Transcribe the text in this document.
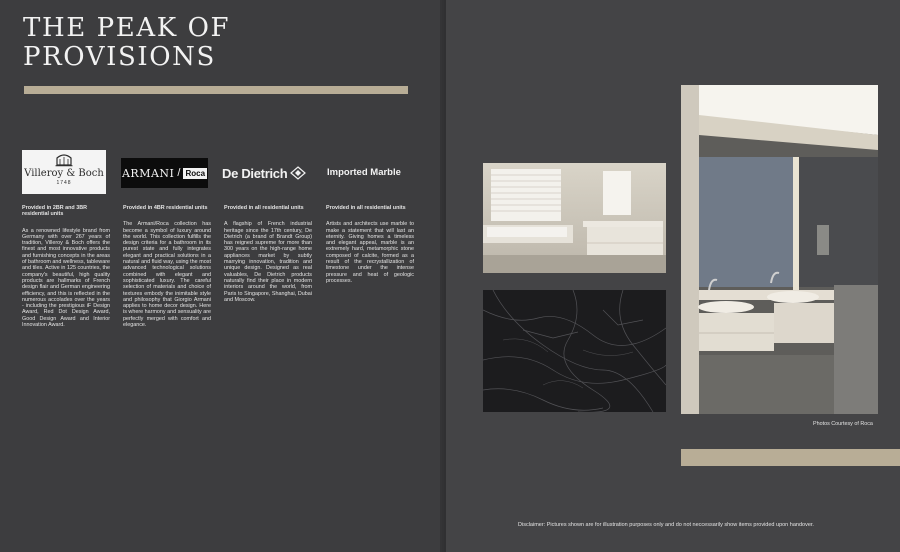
THE PEAK OF
PROVISIONS
Villeroy & Boch
1748
ARMANI / Roca De Dietrich	Imported Marble
Provided in 2BR and 3BR residential units

As a renowned lifestyle brand from Germany with over 267 years of tradition, Villeroy & Boch offers the finest and most innovative products and furnishing concepts in the areas of bathroom and wellness, tableware and tiles. Active in 125 countries, the company's beautiful, high quality products are hallmarks of French design flair and German engineering efficiency, and this is reflected in the numerous accolades over the years - including the prestigious iF Design Award, Red Dot Design Award, Good Design Award and Interior Innovation Award.

Provided in 4BR residential units

The Armani/Roca collection has become a symbol of luxury around the world. This collection fulfills the design criteria for a bathroom in its purest state and fully integrates elegant and practical solutions in a natural and fluid way, using the most advanced technological solutions combined with elegant and sophisticated luxury. The careful selection of materials and choice of textures embody the inimitable style and philosophy that Giorgio Armani applies to home decor design. Here is where harmony and sensuality are perfectly merged with comfort and elegance.

Provided in all residential units

A flagship of French industrial heritage since the 17th century, De Dietrich (a brand of Brandt Group) has reigned supreme for more than 300 years on the high-range home appliances market by subtly marrying innovation, tradition and unique design. Designed as real valuables, De Dietrich products naturally find their place in modern interiors around the world, from Paris to Singapore, Shanghai, Dubai and Moscow.

Provided in all residential units

Artists and architects use marble to make a statement that will last an eternity. Giving homes a timeless and elegant appeal, marble is an extremely hard, metamorphic stone composed of calcite, formed as a result of the recrystallization of limestone under the intense pressure and heat of geologic processes.

Photos Courtesy of Roca
Disclaimer: Pictures shown are for illustration purposes only and do not neccessarily show items provided upon handover.
